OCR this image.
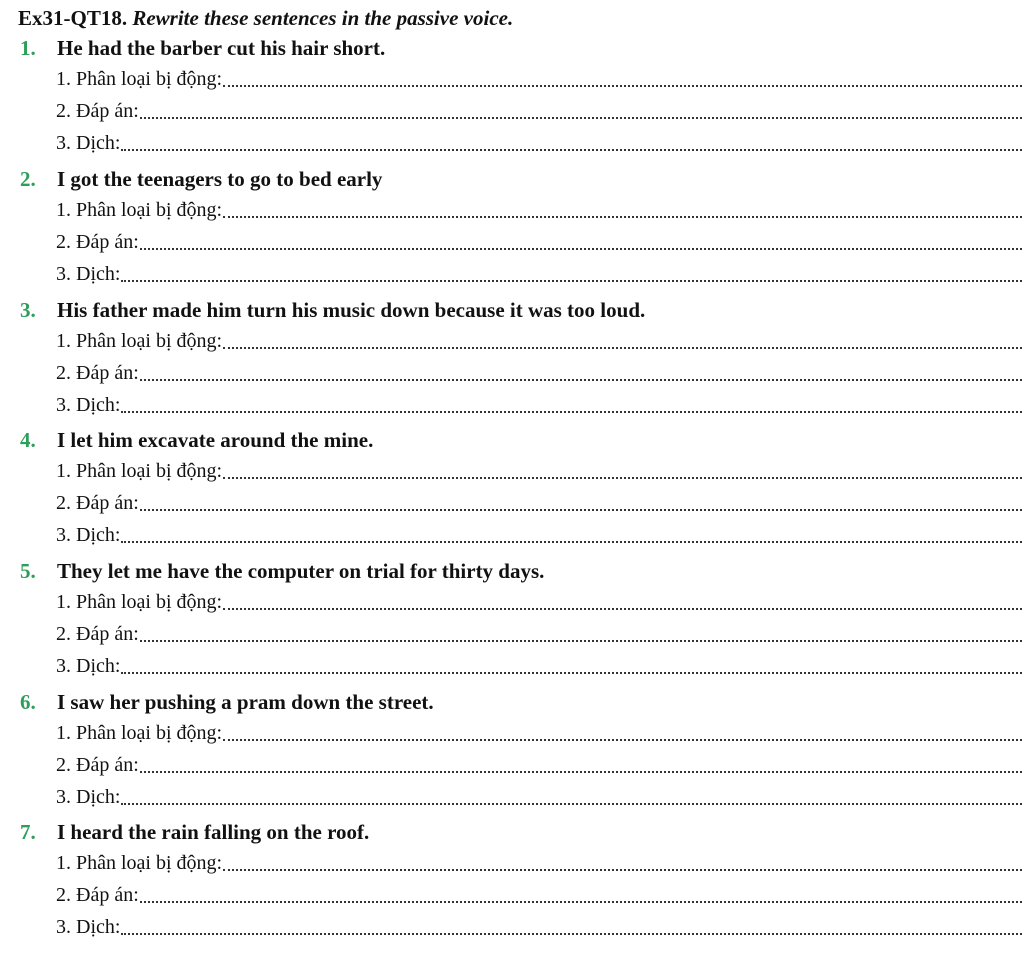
Ex31-QT18. Rewrite these sentences in the passive voice.
1. He had the barber cut his hair short.
1. Phân loại bị động:
2. Đáp án:
3. Dịch:
2. I got the teenagers to go to bed early
1. Phân loại bị động:
2. Đáp án:
3. Dịch:
3. His father made him turn his music down because it was too loud.
1. Phân loại bị động:
2. Đáp án:
3. Dịch:
4. I let him excavate around the mine.
1. Phân loại bị động:
2. Đáp án:
3. Dịch:
5. They let me have the computer on trial for thirty days.
1. Phân loại bị động:
2. Đáp án:
3. Dịch:
6. I saw her pushing a pram down the street.
1. Phân loại bị động:
2. Đáp án:
3. Dịch:
7. I heard the rain falling on the roof.
1. Phân loại bị động:
2. Đáp án:
3. Dịch:
